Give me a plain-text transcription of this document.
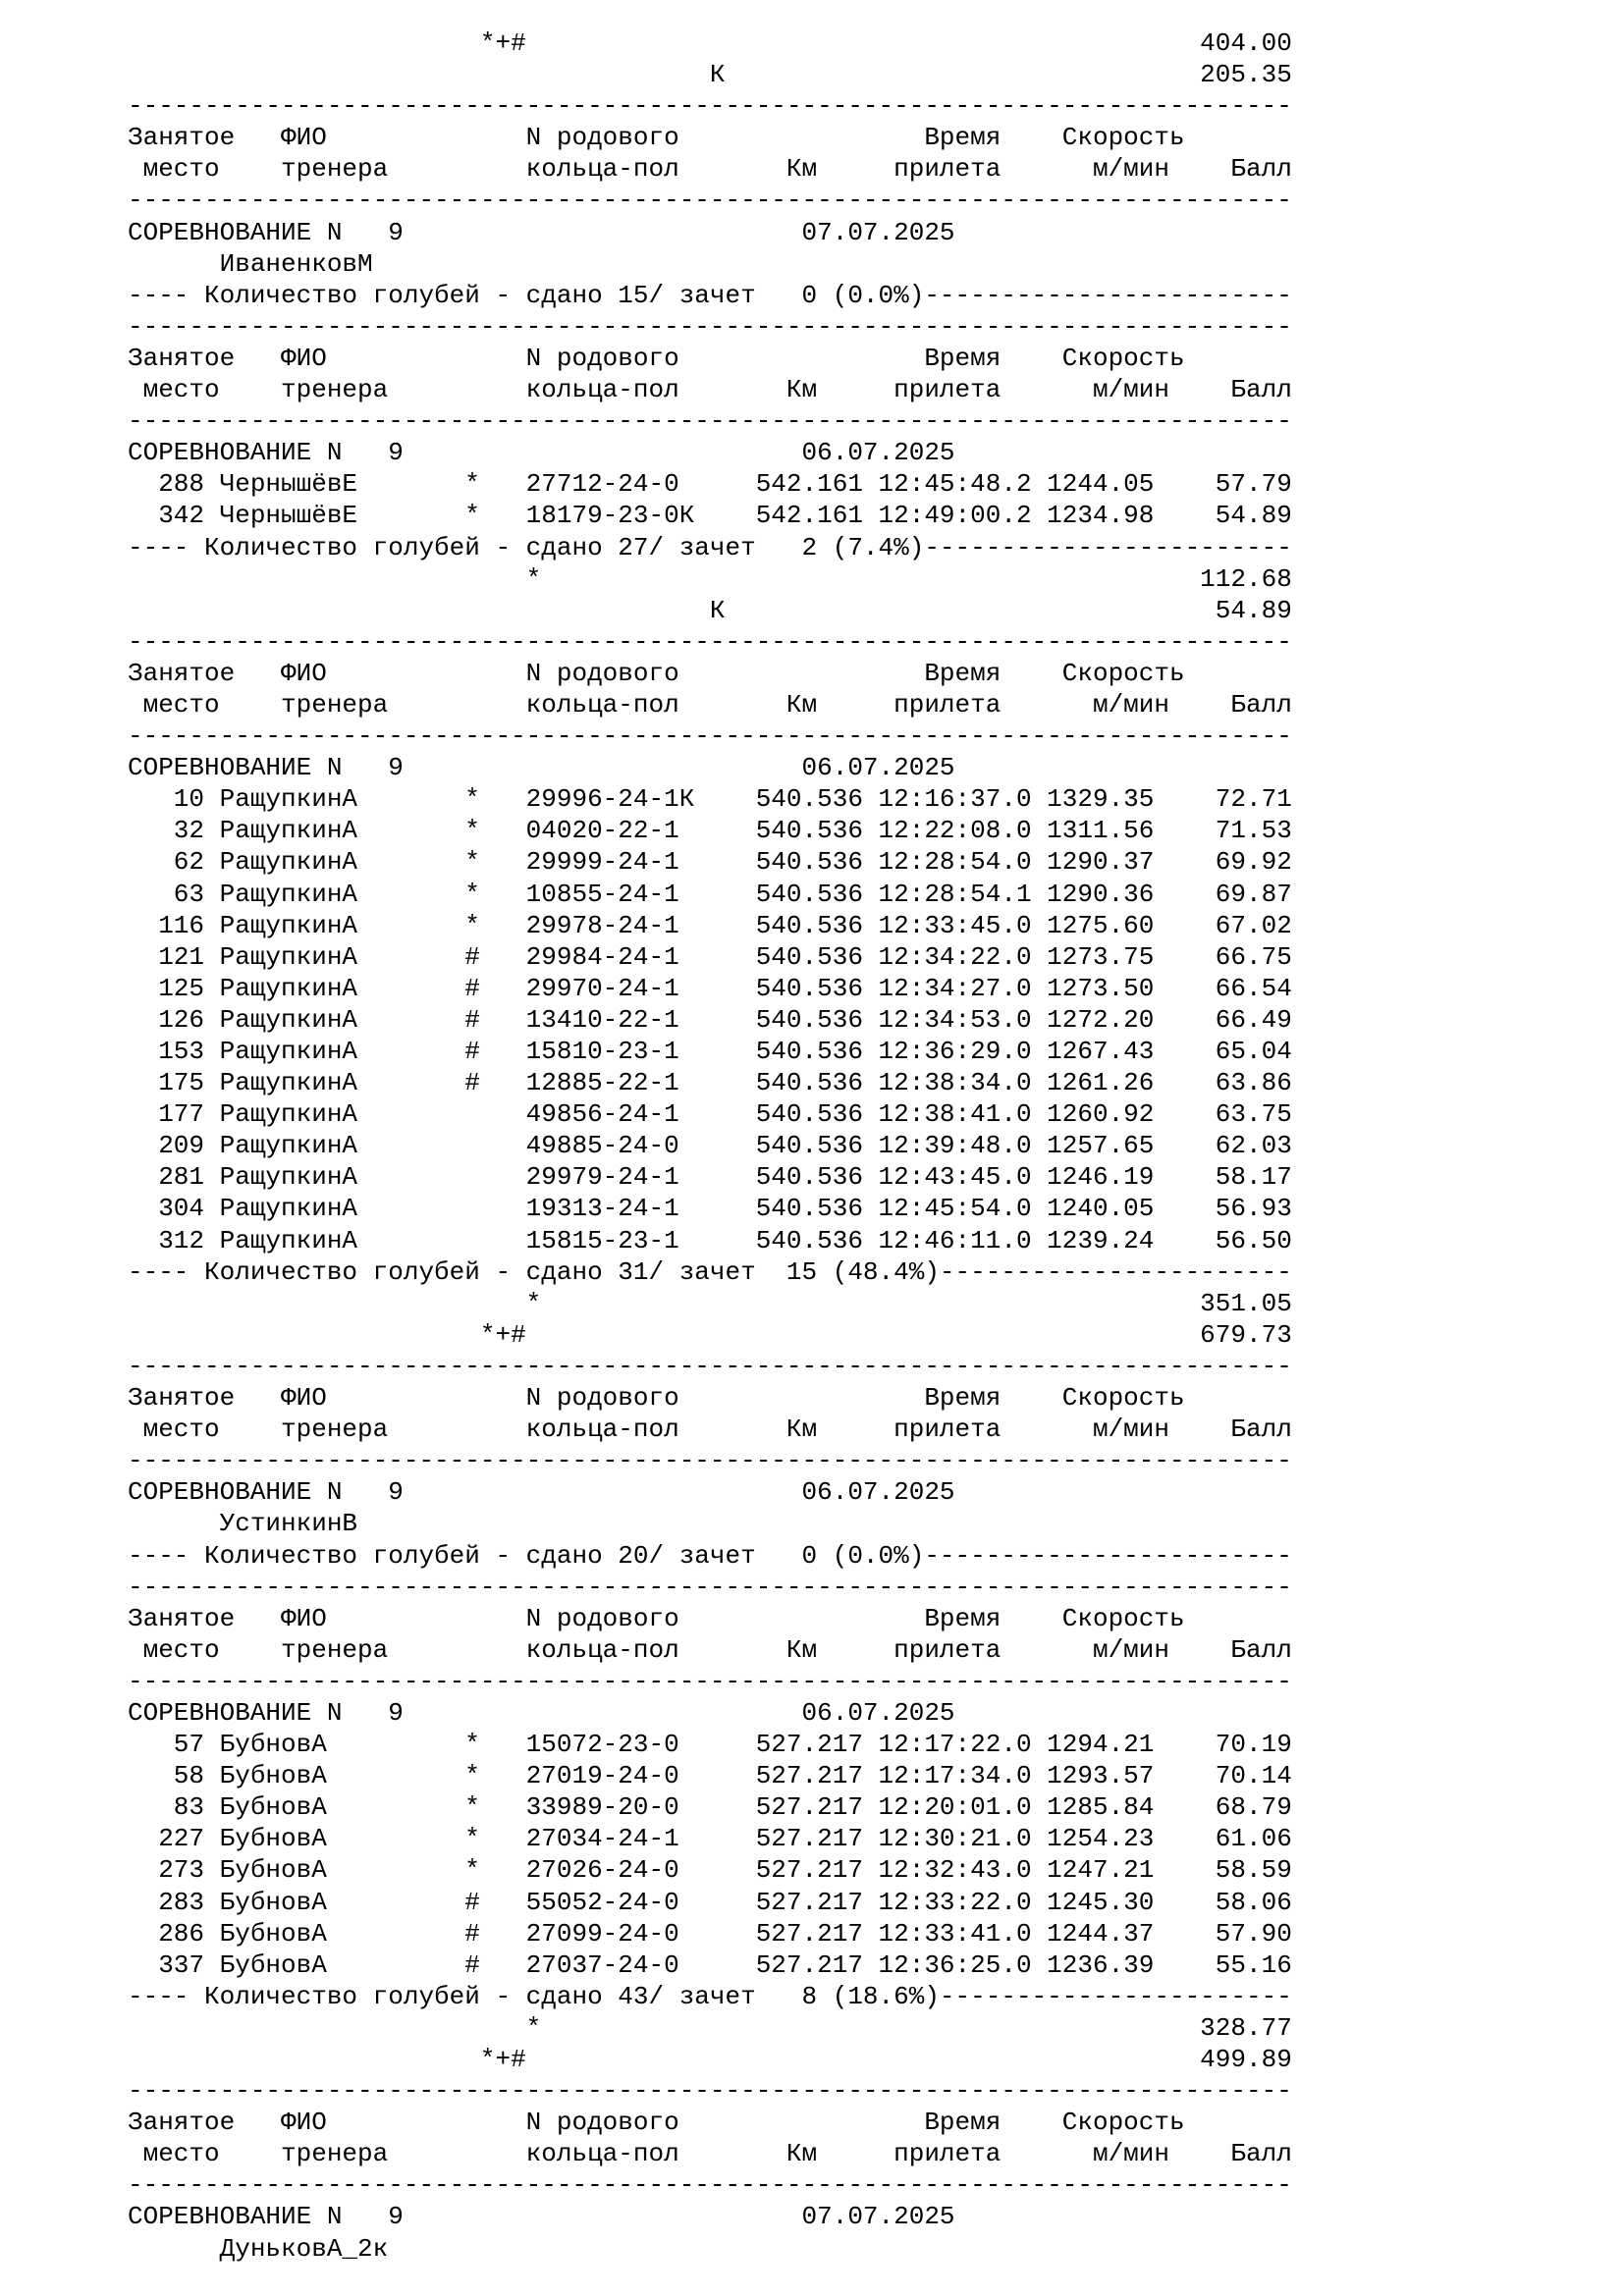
*+#                                            404.00
К                               205.35
----------------------------------------------------------------------------
Занятое   ФИО             N родового                Время    Скорость
место    тренера         кольца-пол       Км     прилета      м/мин    Балл
----------------------------------------------------------------------------
СОРЕВНОВАНИЕ N   9                          07.07.2025
ИваненковМ
---- Количество голубей - сдано 15/ зачет   0 (0.0%)------------------------
----------------------------------------------------------------------------
Занятое   ФИО             N родового                Время    Скорость
место    тренера         кольца-пол       Км     прилета      м/мин    Балл
----------------------------------------------------------------------------
СОРЕВНОВАНИЕ N   9                          06.07.2025
288 ЧернышёвЕ       *   27712-24-0     542.161 12:45:48.2 1244.05    57.79
342 ЧернышёвЕ       *   18179-23-0К    542.161 12:49:00.2 1234.98    54.89
---- Количество голубей - сдано 27/ зачет   2 (7.4%)------------------------
*                                           112.68
К                                54.89
----------------------------------------------------------------------------
Занятое   ФИО             N родового                Время    Скорость
место    тренера         кольца-пол       Км     прилета      м/мин    Балл
----------------------------------------------------------------------------
СОРЕВНОВАНИЕ N   9                          06.07.2025
10 РащупкинА       *   29996-24-1К    540.536 12:16:37.0 1329.35    72.71
32 РащупкинА       *   04020-22-1     540.536 12:22:08.0 1311.56    71.53
62 РащупкинА       *   29999-24-1     540.536 12:28:54.0 1290.37    69.92
63 РащупкинА       *   10855-24-1     540.536 12:28:54.1 1290.36    69.87
116 РащупкинА       *   29978-24-1     540.536 12:33:45.0 1275.60    67.02
121 РащупкинА       #   29984-24-1     540.536 12:34:22.0 1273.75    66.75
125 РащупкинА       #   29970-24-1     540.536 12:34:27.0 1273.50    66.54
126 РащупкинА       #   13410-22-1     540.536 12:34:53.0 1272.20    66.49
153 РащупкинА       #   15810-23-1     540.536 12:36:29.0 1267.43    65.04
175 РащупкинА       #   12885-22-1     540.536 12:38:34.0 1261.26    63.86
177 РащупкинА           49856-24-1     540.536 12:38:41.0 1260.92    63.75
209 РащупкинА           49885-24-0     540.536 12:39:48.0 1257.65    62.03
281 РащупкинА           29979-24-1     540.536 12:43:45.0 1246.19    58.17
304 РащупкинА           19313-24-1     540.536 12:45:54.0 1240.05    56.93
312 РащупкинА           15815-23-1     540.536 12:46:11.0 1239.24    56.50
---- Количество голубей - сдано 31/ зачет  15 (48.4%)-----------------------
*                                           351.05
*+#                                            679.73
----------------------------------------------------------------------------
Занятое   ФИО             N родового                Время    Скорость
место    тренера         кольца-пол       Км     прилета      м/мин    Балл
----------------------------------------------------------------------------
СОРЕВНОВАНИЕ N   9                          06.07.2025
УстинкинВ
---- Количество голубей - сдано 20/ зачет   0 (0.0%)------------------------
----------------------------------------------------------------------------
Занятое   ФИО             N родового                Время    Скорость
место    тренера         кольца-пол       Км     прилета      м/мин    Балл
----------------------------------------------------------------------------
СОРЕВНОВАНИЕ N   9                          06.07.2025
57 БубновА         *   15072-23-0     527.217 12:17:22.0 1294.21    70.19
58 БубновА         *   27019-24-0     527.217 12:17:34.0 1293.57    70.14
83 БубновА         *   33989-20-0     527.217 12:20:01.0 1285.84    68.79
227 БубновА         *   27034-24-1     527.217 12:30:21.0 1254.23    61.06
273 БубновА         *   27026-24-0     527.217 12:32:43.0 1247.21    58.59
283 БубновА         #   55052-24-0     527.217 12:33:22.0 1245.30    58.06
286 БубновА         #   27099-24-0     527.217 12:33:41.0 1244.37    57.90
337 БубновА         #   27037-24-0     527.217 12:36:25.0 1236.39    55.16
---- Количество голубей - сдано 43/ зачет   8 (18.6%)-----------------------
*                                           328.77
*+#                                            499.89
----------------------------------------------------------------------------
Занятое   ФИО             N родового                Время    Скорость
место    тренера         кольца-пол       Км     прилета      м/мин    Балл
----------------------------------------------------------------------------
СОРЕВНОВАНИЕ N   9                          07.07.2025
ДуньковА_2к
